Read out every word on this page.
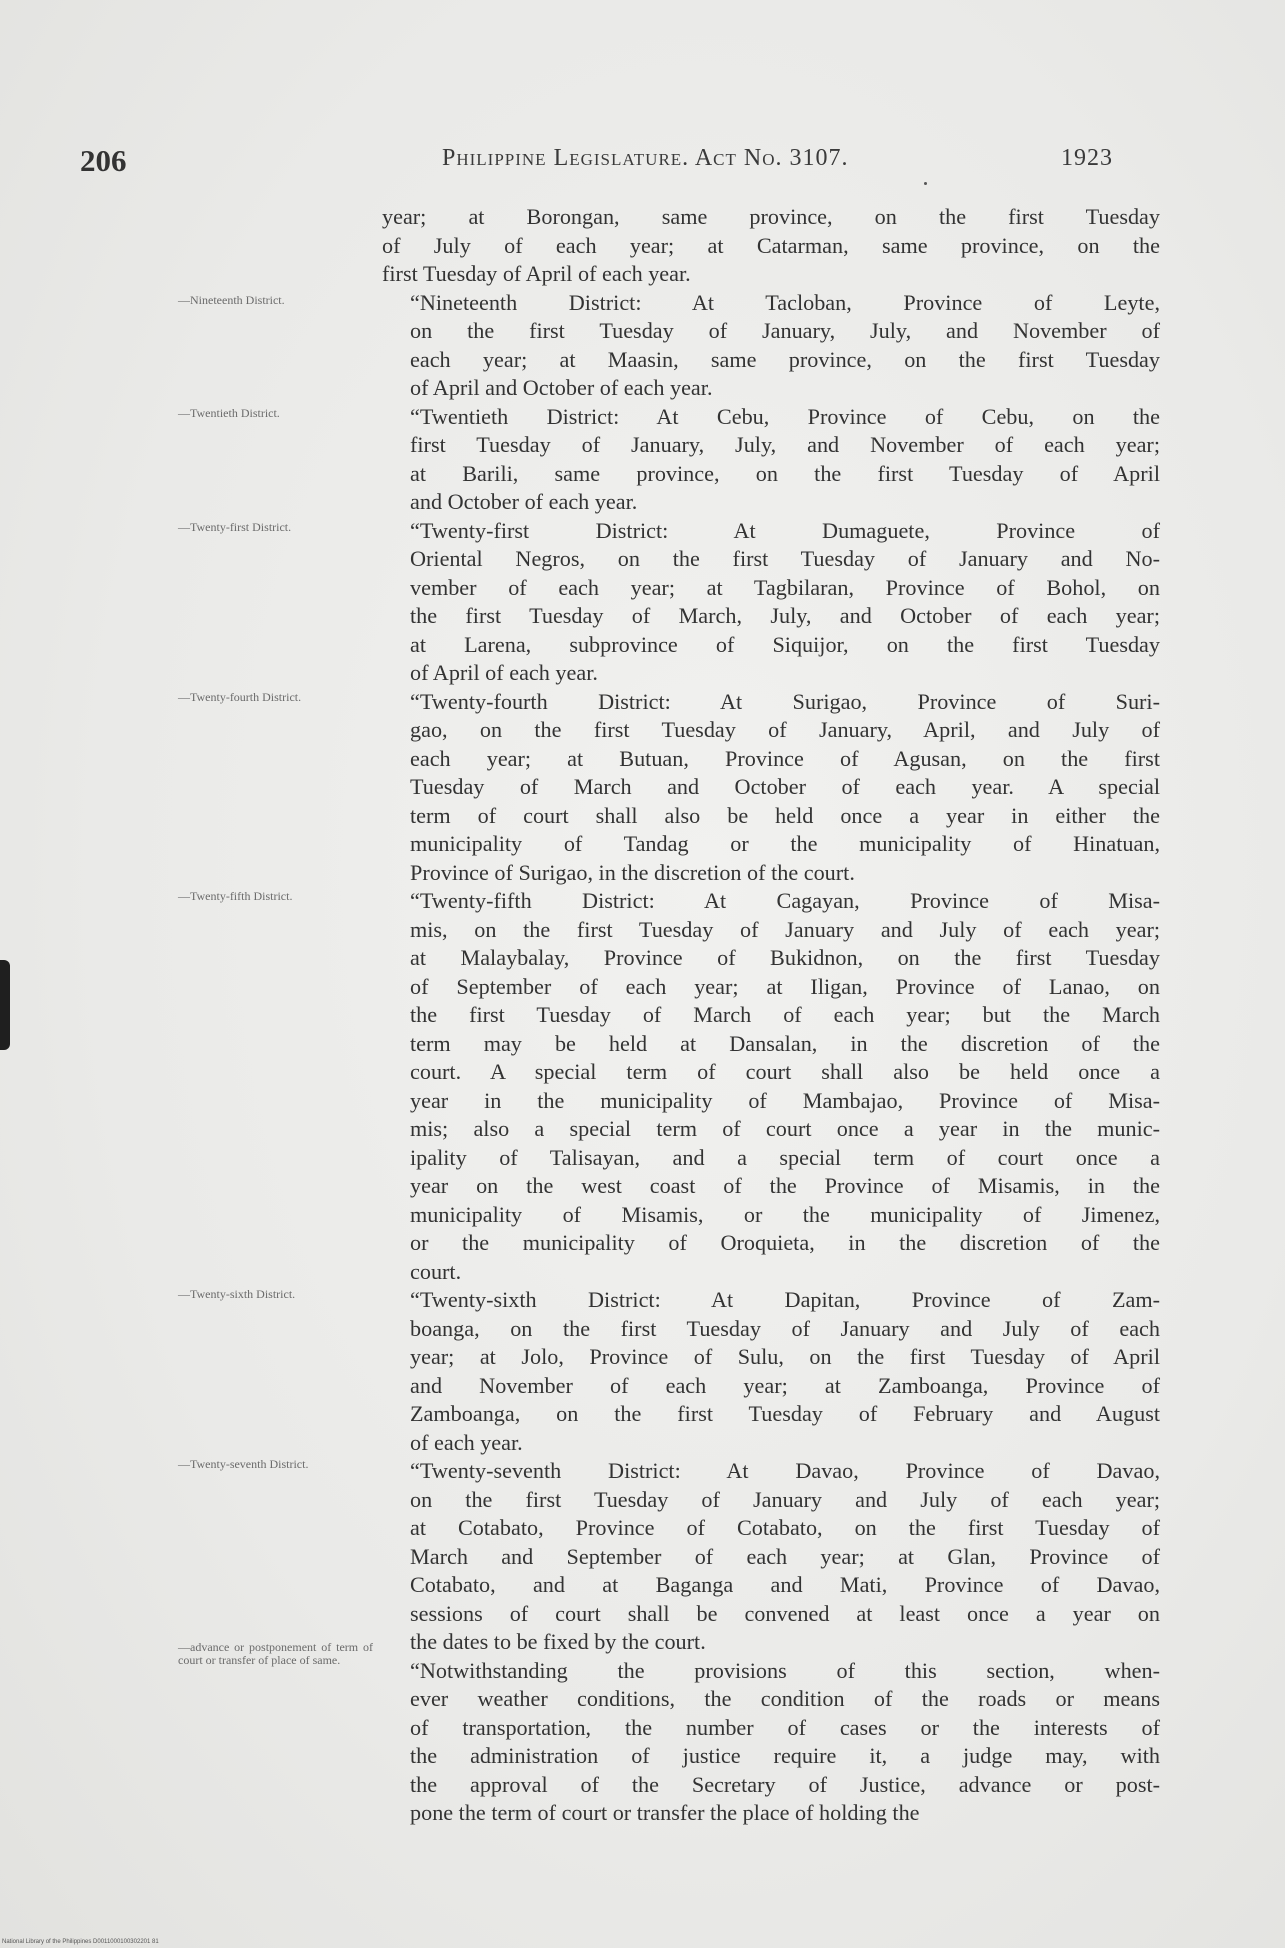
206	Philippine Legislature. Act No. 3107.	1923
—Nineteenth District.
—Twentieth District.
—Twenty-first District.
—Twenty-fourth District.
—Twenty-fifth District.
—Twenty-sixth District.
—Twenty-seventh District.
—advance or postponement of term of court or transfer of place of same.

year; at Borongan, same province, on the first Tuesday
of July of each year; at Catarman, same province, on the
first Tuesday of April of each year.

“Nineteenth District: At Tacloban, Province of Leyte,
on the first Tuesday of January, July, and November of
each year; at Maasin, same province, on the first Tuesday
of April and October of each year.

“Twentieth District: At Cebu, Province of Cebu, on the
first Tuesday of January, July, and November of each year;
at Barili, same province, on the first Tuesday of April
and October of each year.

“Twenty-first District: At Dumaguete, Province of
Oriental Negros, on the first Tuesday of January and No-
vember of each year; at Tagbilaran, Province of Bohol, on
the first Tuesday of March, July, and October of each year;
at Larena, subprovince of Siquijor, on the first Tuesday
of April of each year.

“Twenty-fourth District: At Surigao, Province of Suri-
gao, on the first Tuesday of January, April, and July of
each year; at Butuan, Province of Agusan, on the first
Tuesday of March and October of each year. A special
term of court shall also be held once a year in either the
municipality of Tandag or the municipality of Hinatuan,
Province of Surigao, in the discretion of the court.

“Twenty-fifth District: At Cagayan, Province of Misa-
mis, on the first Tuesday of January and July of each year;
at Malaybalay, Province of Bukidnon, on the first Tuesday
of September of each year; at Iligan, Province of Lanao, on
the first Tuesday of March of each year; but the March
term may be held at Dansalan, in the discretion of the
court. A special term of court shall also be held once a
year in the municipality of Mambajao, Province of Misa-
mis; also a special term of court once a year in the munic-
ipality of Talisayan, and a special term of court once a
year on the west coast of the Province of Misamis, in the
municipality of Misamis, or the municipality of Jimenez,
or the municipality of Oroquieta, in the discretion of the
court.

“Twenty-sixth District: At Dapitan, Province of Zam-
boanga, on the first Tuesday of January and July of each
year; at Jolo, Province of Sulu, on the first Tuesday of April
and November of each year; at Zamboanga, Province of
Zamboanga, on the first Tuesday of February and August
of each year.

“Twenty-seventh District: At Davao, Province of Davao,
on the first Tuesday of January and July of each year;
at Cotabato, Province of Cotabato, on the first Tuesday of
March and September of each year; at Glan, Province of
Cotabato, and at Baganga and Mati, Province of Davao,
sessions of court shall be convened at least once a year on
the dates to be fixed by the court.

“Notwithstanding the provisions of this section, when-
ever weather conditions, the condition of the roads or means
of transportation, the number of cases or the interests of
the administration of justice require it, a judge may, with
the approval of the Secretary of Justice, advance or post-
pone the term of court or transfer the place of holding the

National Library of the Philippines D0011000100302201 81
